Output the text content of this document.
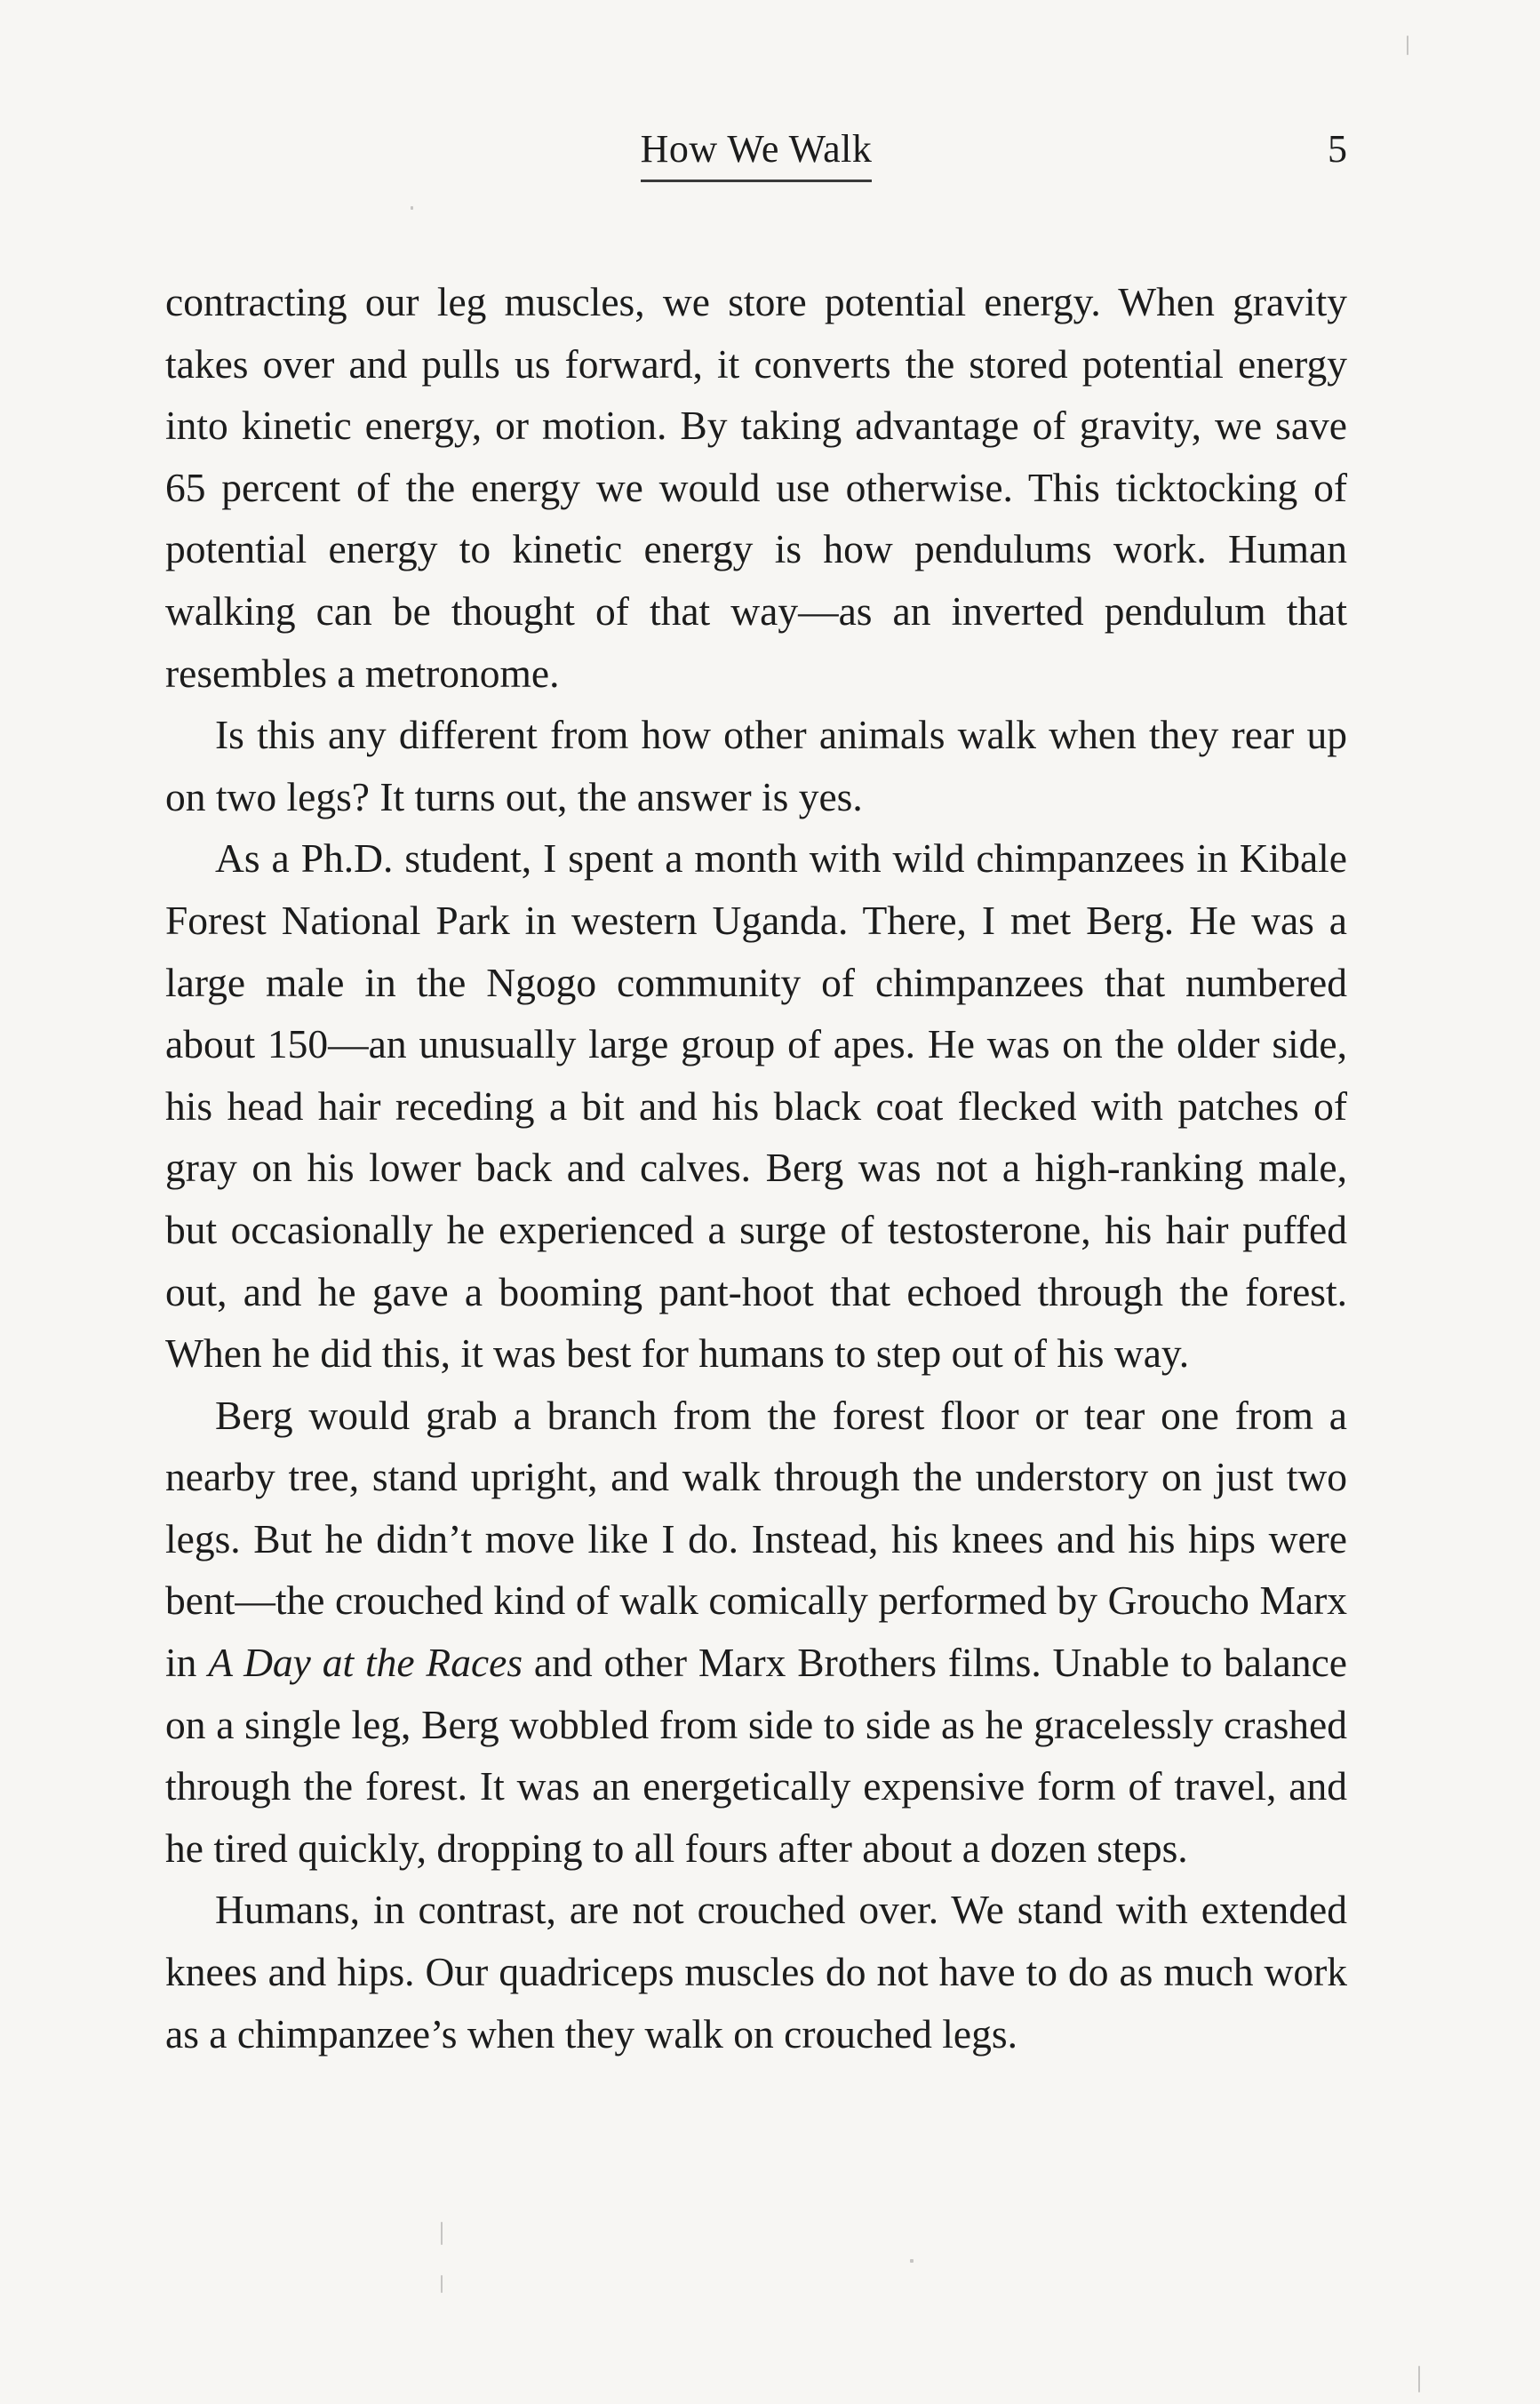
How We Walk	5

contracting our leg muscles, we store potential energy. When gravity takes over and pulls us forward, it converts the stored potential energy into kinetic energy, or motion. By taking advantage of gravity, we save 65 percent of the energy we would use otherwise. This ticktocking of potential energy to kinetic energy is how pendulums work. Human walking can be thought of that way—as an inverted pendulum that resembles a metronome.

Is this any different from how other animals walk when they rear up on two legs? It turns out, the answer is yes.

As a Ph.D. student, I spent a month with wild chimpanzees in Kibale Forest National Park in western Uganda. There, I met Berg. He was a large male in the Ngogo community of chimpanzees that numbered about 150—an unusually large group of apes. He was on the older side, his head hair receding a bit and his black coat flecked with patches of gray on his lower back and calves. Berg was not a high-ranking male, but occasionally he experienced a surge of testosterone, his hair puffed out, and he gave a booming pant-hoot that echoed through the forest. When he did this, it was best for humans to step out of his way.

Berg would grab a branch from the forest floor or tear one from a nearby tree, stand upright, and walk through the understory on just two legs. But he didn’t move like I do. Instead, his knees and his hips were bent—the crouched kind of walk comically performed by Groucho Marx in A Day at the Races and other Marx Brothers films. Unable to balance on a single leg, Berg wobbled from side to side as he gracelessly crashed through the forest. It was an energetically expensive form of travel, and he tired quickly, dropping to all fours after about a dozen steps.

Humans, in contrast, are not crouched over. We stand with extended knees and hips. Our quadriceps muscles do not have to do as much work as a chimpanzee’s when they walk on crouched legs.
